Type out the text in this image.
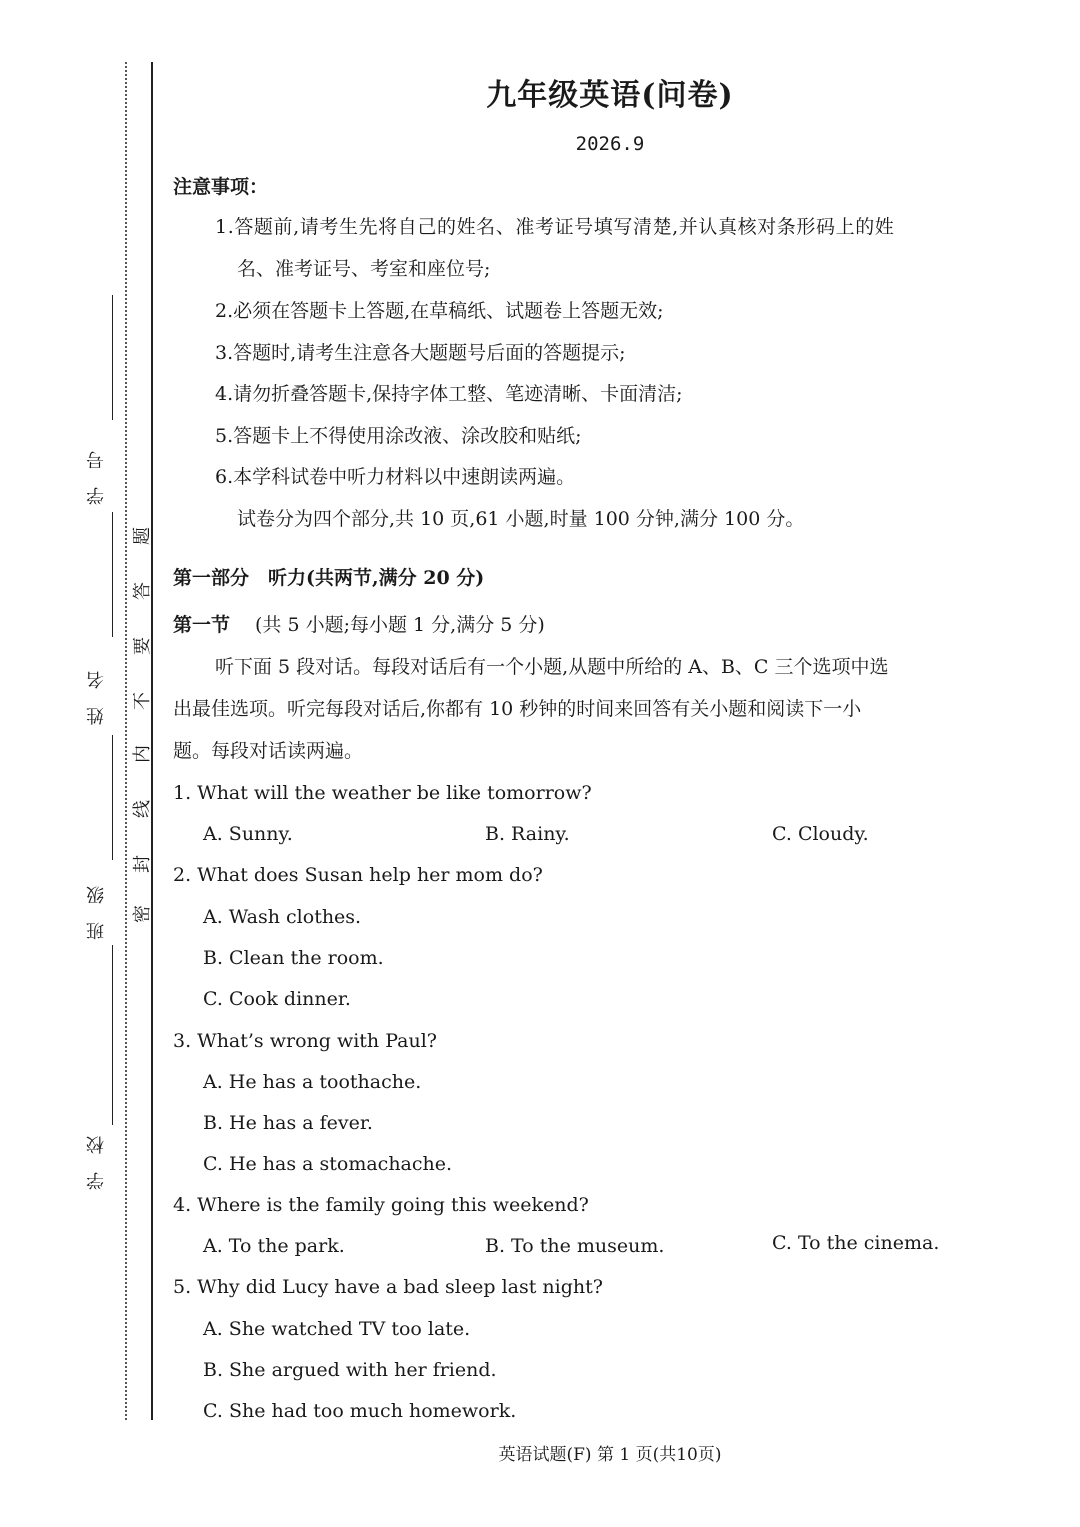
学 号
姓 名
班 级
学 校
密
封
线
内
不
要
答
题
九年级英语(问卷)
2026.9
注意事项：
1.答题前,请考生先将自己的姓名、准考证号填写清楚,并认真核对条形码上的姓
名、准考证号、考室和座位号;
2.必须在答题卡上答题,在草稿纸、试题卷上答题无效;
3.答题时,请考生注意各大题题号后面的答题提示;
4.请勿折叠答题卡,保持字体工整、笔迹清晰、卡面清洁;
5.答题卡上不得使用涂改液、涂改胶和贴纸;
6.本学科试卷中听力材料以中速朗读两遍。
试卷分为四个部分,共 10 页,61 小题,时量 100 分钟,满分 100 分。
第一部分　听力(共两节,满分 20 分)
第一节 (共 5 小题;每小题 1 分,满分 5 分)
听下面 5 段对话。每段对话后有一个小题,从题中所给的 A、B、C 三个选项中选
出最佳选项。听完每段对话后,你都有 10 秒钟的时间来回答有关小题和阅读下一小
题。每段对话读两遍。
1. What will the weather be like tomorrow?
A. Sunny.	B. Rainy.	C. Cloudy.
2. What does Susan help her mom do?
A. Wash clothes.
B. Clean the room.
C. Cook dinner.
3. What’s wrong with Paul?
A. He has a toothache.
B. He has a fever.
C. He has a stomachache.
4. Where is the family going this weekend?
A. To the park.	B. To the museum.	C. To the cinema.
5. Why did Lucy have a bad sleep last night?
A. She watched TV too late.
B. She argued with her friend.
C. She had too much homework.
英语试题(F) 第 1 页(共10页)
